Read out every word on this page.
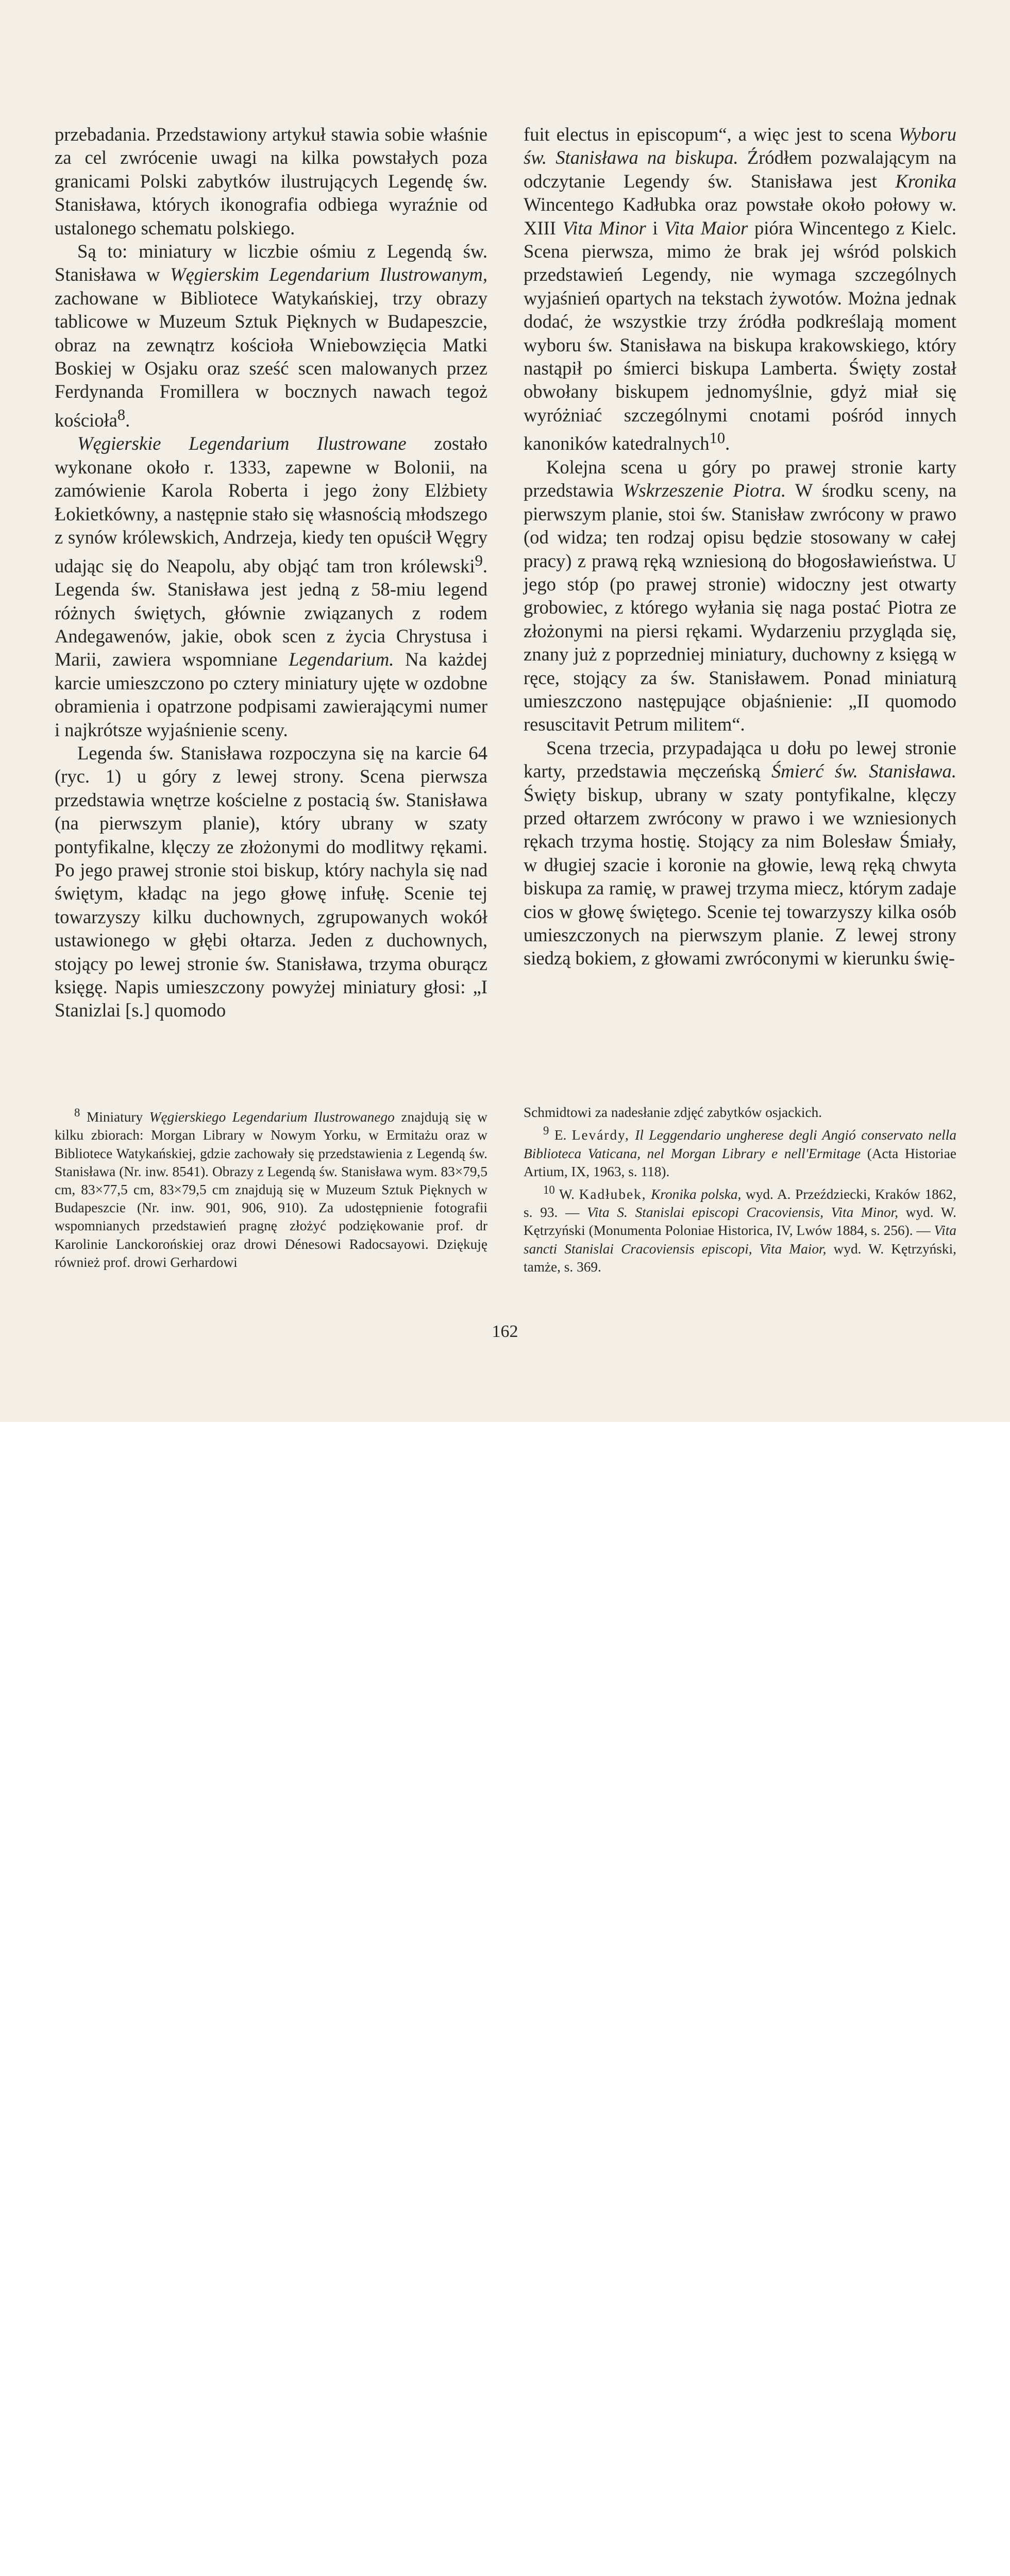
przebadania. Przedstawiony artykuł stawia sobie właśnie za cel zwrócenie uwagi na kilka powstałych poza granicami Polski zabytków ilustrujących Legendę św. Stanisława, których ikonografia odbiega wyraźnie od ustalonego schematu polskiego.

Są to: miniatury w liczbie ośmiu z Legendą św. Stanisława w Węgierskim Legendarium Ilustrowanym, zachowane w Bibliotece Watykańskiej, trzy obrazy tablicowe w Muzeum Sztuk Pięknych w Budapeszcie, obraz na zewnątrz kościoła Wniebowzięcia Matki Boskiej w Osjaku oraz sześć scen malowanych przez Ferdynanda Fromillera w bocznych nawach tegoż kościoła$^8$.

Węgierskie Legendarium Ilustrowane zostało wykonane około r. 1333, zapewne w Bolonii, na zamówienie Karola Roberta i jego żony Elżbiety Łokietkówny, a następnie stało się własnością młodszego z synów królewskich, Andrzeja, kiedy ten opuścił Węgry udając się do Neapolu, aby objąć tam tron królewski$^9$. Legenda św. Stanisława jest jedną z 58-miu legend różnych świętych, głównie związanych z rodem Andegawenów, jakie, obok scen z życia Chrystusa i Marii, zawiera wspomniane Legendarium. Na każdej karcie umieszczono po cztery miniatury ujęte w ozdobne obramienia i opatrzone podpisami zawierającymi numer i najkrótsze wyjaśnienie sceny.

Legenda św. Stanisława rozpoczyna się na karcie 64 (ryc. 1) u góry z lewej strony. Scena pierwsza przedstawia wnętrze kościelne z postacią św. Stanisława (na pierwszym planie), który ubrany w szaty pontyfikalne, klęczy ze złożonymi do modlitwy rękami. Po jego prawej stronie stoi biskup, który nachyla się nad świętym, kładąc na jego głowę infułę. Scenie tej towarzyszy kilku duchownych, zgrupowanych wokół ustawionego w głębi ołtarza. Jeden z duchownych, stojący po lewej stronie św. Stanisława, trzyma oburącz księgę. Napis umieszczony powyżej miniatury głosi: „I Stanizlai [s.] quomodo

fuit electus in episcopum“, a więc jest to scena Wyboru św. Stanisława na biskupa. Źródłem pozwalającym na odczytanie Legendy św. Stanisława jest Kronika Wincentego Kadłubka oraz powstałe około połowy w. XIII Vita Minor i Vita Maior pióra Wincentego z Kielc. Scena pierwsza, mimo że brak jej wśród polskich przedstawień Legendy, nie wymaga szczególnych wyjaśnień opartych na tekstach żywotów. Można jednak dodać, że wszystkie trzy źródła podkreślają moment wyboru św. Stanisława na biskupa krakowskiego, który nastąpił po śmierci biskupa Lamberta. Święty został obwołany biskupem jednomyślnie, gdyż miał się wyróżniać szczególnymi cnotami pośród innych kanoników katedralnych$^{10}$.

Kolejna scena u góry po prawej stronie karty przedstawia Wskrzeszenie Piotra. W środku sceny, na pierwszym planie, stoi św. Stanisław zwrócony w prawo (od widza; ten rodzaj opisu będzie stosowany w całej pracy) z prawą ręką wzniesioną do błogosławieństwa. U jego stóp (po prawej stronie) widoczny jest otwarty grobowiec, z którego wyłania się naga postać Piotra ze złożonymi na piersi rękami. Wydarzeniu przygląda się, znany już z poprzedniej miniatury, duchowny z księgą w ręce, stojący za św. Stanisławem. Ponad miniaturą umieszczono następujące objaśnienie: „II quomodo resuscitavit Petrum militem“.

Scena trzecia, przypadająca u dołu po lewej stronie karty, przedstawia męczeńską Śmierć św. Stanisława. Święty biskup, ubrany w szaty pontyfikalne, klęczy przed ołtarzem zwrócony w prawo i we wzniesionych rękach trzyma hostię. Stojący za nim Bolesław Śmiały, w długiej szacie i koronie na głowie, lewą ręką chwyta biskupa za ramię, w prawej trzyma miecz, którym zadaje cios w głowę świętego. Scenie tej towarzyszy kilka osób umieszczonych na pierwszym planie. Z lewej strony siedzą bokiem, z głowami zwróconymi w kierunku świę-

$^8$ Miniatury Węgierskiego Legendarium Ilustrowanego znajdują się w kilku zbiorach: Morgan Library w Nowym Yorku, w Ermitażu oraz w Bibliotece Watykańskiej, gdzie zachowały się przedstawienia z Legendą św. Stanisława (Nr. inw. 8541). Obrazy z Legendą św. Stanisława wym. 83×79,5 cm, 83×77,5 cm, 83×79,5 cm znajdują się w Muzeum Sztuk Pięknych w Budapeszcie (Nr. inw. 901, 906, 910). Za udostępnienie fotografii wspomnianych przedstawień pragnę złożyć podziękowanie prof. dr Karolinie Lanckorońskiej oraz drowi Dénesowi Radocsayowi. Dziękuję również prof. drowi Gerhardowi

Schmidtowi za nadesłanie zdjęć zabytków osjackich.

$^9$ E. Levárdy, Il Leggendario ungherese degli Angió conservato nella Biblioteca Vaticana, nel Morgan Library e nell'Ermitage (Acta Historiae Artium, IX, 1963, s. 118).

$^{10}$ W. Kadłubek, Kronika polska, wyd. A. Przeździecki, Kraków 1862, s. 93. — Vita S. Stanislai episcopi Cracoviensis, Vita Minor, wyd. W. Kętrzyński (Monumenta Poloniae Historica, IV, Lwów 1884, s. 256). — Vita sancti Stanislai Cracoviensis episcopi, Vita Maior, wyd. W. Kętrzyński, tamże, s. 369.

162
